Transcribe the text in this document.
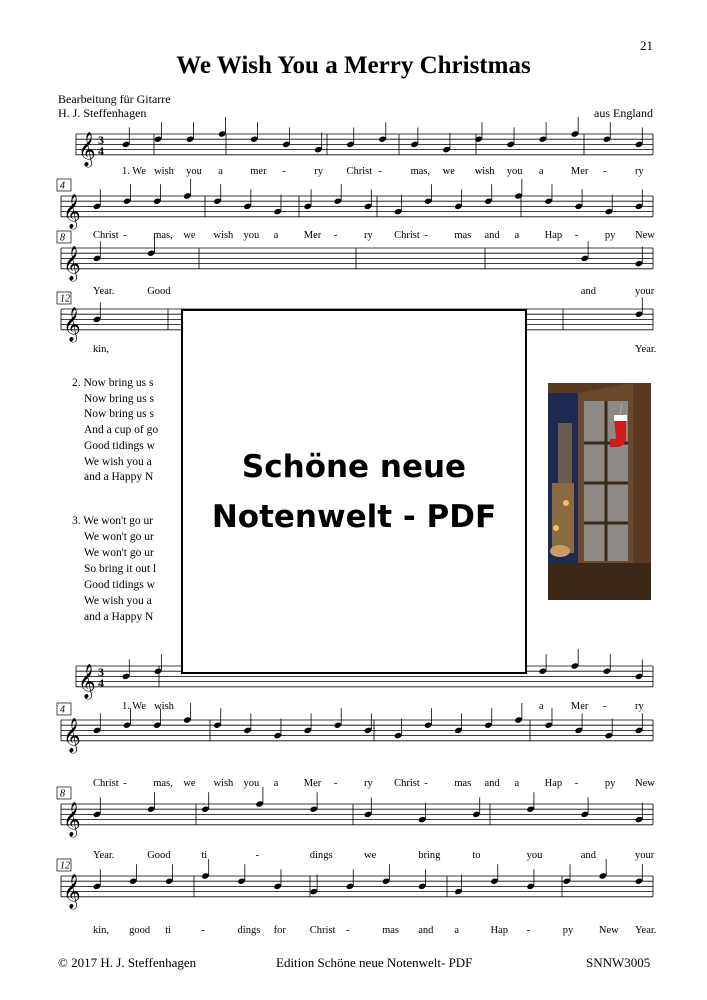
21
We Wish You a Merry Christmas
Bearbeitung für Gitarre
H. J. Steffenhagen	aus England
𝄞 3
4
1. We wish you a	mer -	ry Christ -	mas, we wish you a	Mer -	ry
𝄞
4
Christ -	mas, we wish you a Mer -	ry Christ -	mas and a Hap -	py New
𝄞
8
Year.	Good	and	your
𝄞
12
kin,	Year.
𝄞 3
4
1. We wish	a	Mer -	ry
𝄞
4
Christ -	mas, we wish you a Mer -	ry Christ -	mas and a Hap -	py New
𝄞
8
Year.	Good	ti	-	dings	we	bring	to	you	and	your
𝄞
12
kin, good ti	-	dings for Christ -	mas and a	Hap -	py New Year.
2. Now bring us s
Now bring us s
Now bring us s
And a cup of go
Good tidings w
We wish you a
and a Happy N
3. We won't go ur
We won't go ur
We won't go ur
So bring it out l
Good tidings w
We wish you a
and a Happy N
Schöne neue
Notenwelt - PDF
© 2017 H. J. Steffenhagen	Edition Schöne neue Notenwelt- PDF	SNNW3005
